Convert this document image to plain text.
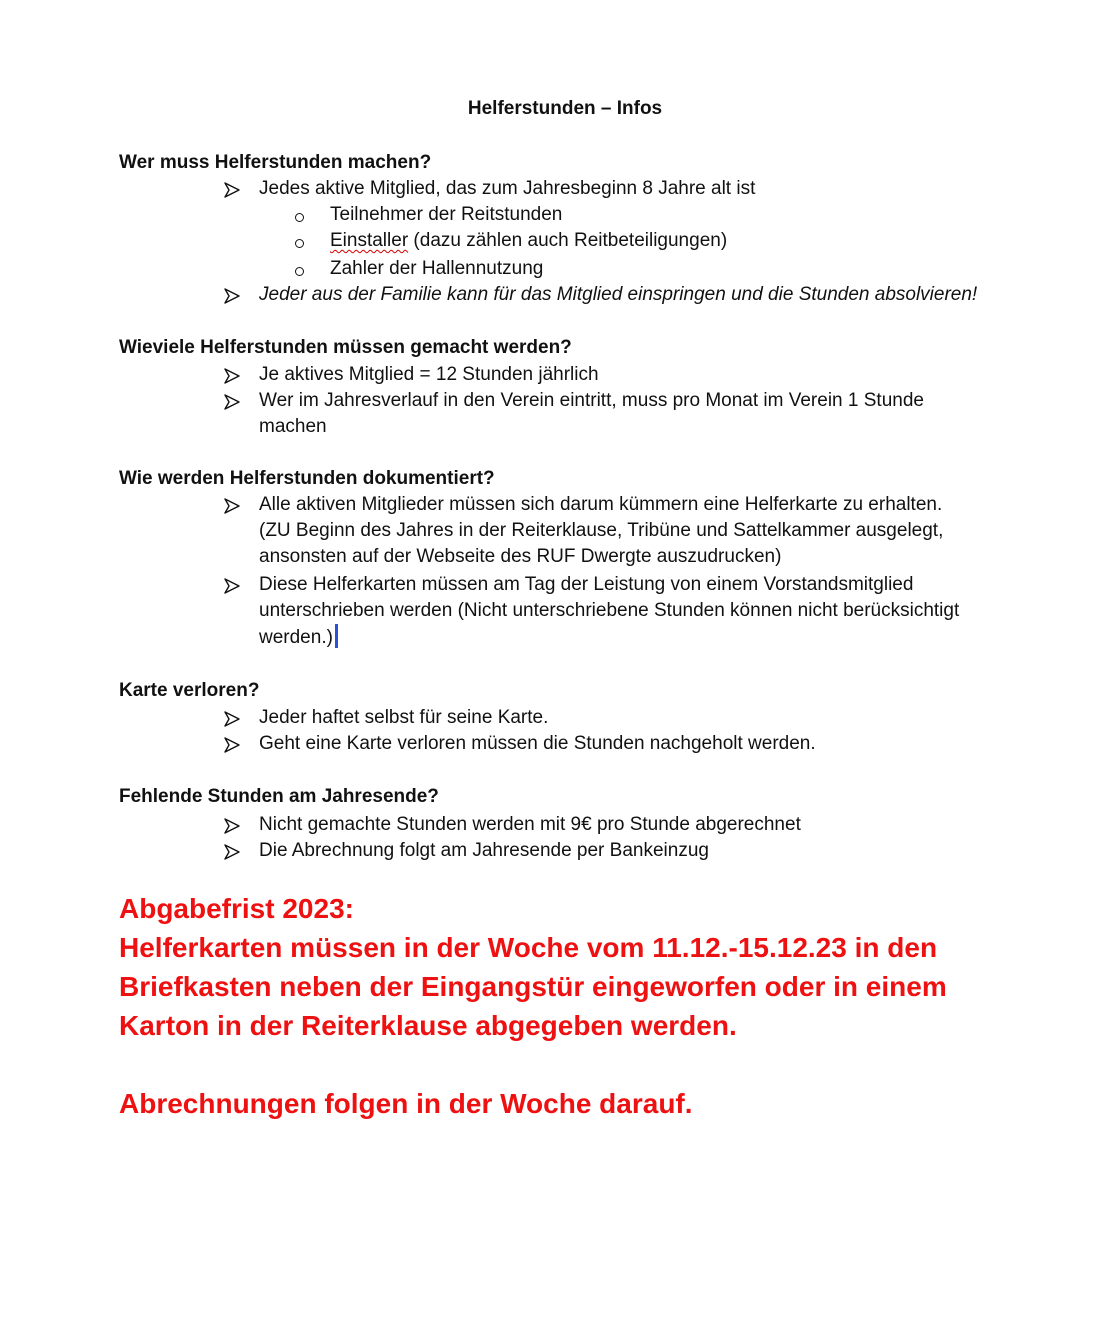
Helferstunden – Infos
Wer muss Helferstunden machen?
Jedes aktive Mitglied, das zum Jahresbeginn 8 Jahre alt ist
Teilnehmer der Reitstunden
Einstaller (dazu zählen auch Reitbeteiligungen)
Zahler der Hallennutzung
Jeder aus der Familie kann für das Mitglied einspringen und die Stunden absolvieren!
Wieviele Helferstunden müssen gemacht werden?
Je aktives Mitglied = 12 Stunden jährlich
Wer im Jahresverlauf in den Verein eintritt, muss pro Monat im Verein 1 Stunde
machen
Wie werden Helferstunden dokumentiert?
Alle aktiven Mitglieder müssen sich darum kümmern eine Helferkarte zu erhalten.
(ZU Beginn des Jahres in der Reiterklause, Tribüne und Sattelkammer ausgelegt,
ansonsten auf der Webseite des RUF Dwergte auszudrucken)
Diese Helferkarten müssen am Tag der Leistung von einem Vorstandsmitglied
unterschrieben werden (Nicht unterschriebene Stunden können nicht berücksichtigt
werden.)
Karte verloren?
Jeder haftet selbst für seine Karte.
Geht eine Karte verloren müssen die Stunden nachgeholt werden.
Fehlende Stunden am Jahresende?
Nicht gemachte Stunden werden mit 9€ pro Stunde abgerechnet
Die Abrechnung folgt am Jahresende per Bankeinzug
Abgabefrist 2023:
Helferkarten müssen in der Woche vom 11.12.-15.12.23 in den
Briefkasten neben der Eingangstür eingeworfen oder in einem
Karton in der Reiterklause abgegeben werden.
Abrechnungen folgen in der Woche darauf.
